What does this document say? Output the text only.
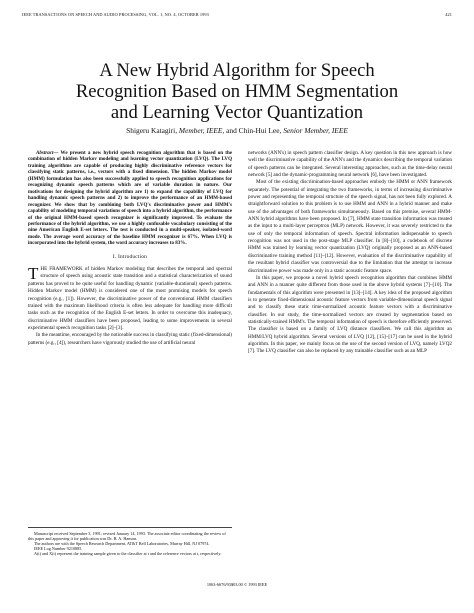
IEEE TRANSACTIONS ON SPEECH AND AUDIO PROCESSING, VOL. 1, NO. 4, OCTOBER 1993	421
A New Hybrid Algorithm for Speech
Recognition Based on HMM Segmentation
and Learning Vector Quantization
Shigeru Katagiri, Member, IEEE, and Chin-Hui Lee, Senior Member, IEEE

Abstract— We present a new hybrid speech recognition algorithm that is based on the combination of hidden Markov modeling and learning vector quantization (LVQ). The LVQ training algorithms are capable of producing highly discriminative reference vectors for classifying static patterns, i.e., vectors with a fixed dimension. The hidden Markov model (HMM) formulation has also been successfully applied to speech recognition applications for recognizing dynamic speech patterns which are of variable duration in nature. Our motivations for designing the hybrid algorithm are 1) to expand the capability of LVQ for handling dynamic speech patterns and 2) to improve the performance of an HMM-based recognizer. We show that by combining both LVQ's discriminative power and HMM's capability of modeling temporal variations of speech into a hybrid algorithm, the performance of the original HMM-based speech recognizer is significantly improved. To evaluate the performance of the hybrid algorithm, we use a highly confusable vocabulary consisting of the nine American English E-set letters. The test is conducted in a multi-speaker, isolated-word mode. The average word accuracy of the baseline HMM recognizer is 67%. When LVQ is incorporated into the hybrid system, the word accuracy increases to 83%.

I. Introduction

THE FRAMEWORK of hidden Markov modeling that describes the temporal and spectral structure of speech using acoustic state transition and a statistical characterization of sound patterns has proved to be quite useful for handling dynamic (variable-durational) speech patterns. Hidden Markov model (HMM) is considered one of the most promising models for speech recognition (e.g., [1]). However, the discriminative power of the conventional HMM classifiers trained with the maximum likelihood criteria is often less adequate for handling more difficult tasks such as the recognition of the English E-set letters. In order to overcome this inadequacy, discriminative HMM classifiers have been proposed, leading to some improvements in several experimental speech recognition tasks [2]–[3].

In the meantime, encouraged by the noticeable success in classifying static (fixed-dimensional) patterns (e.g., [4]), researchers have vigorously studied the use of artificial neural

Manuscript received September 3, 1991; revised January 14, 1993. The associate editor coordinating the review of this paper and approving it for publication was Dr. B. A. Hanson.

The authors are with the Speech Research Department, AT&T Bell Laboratories, Murray Hill, NJ 07974.

IEEE Log Number 9210885.

A(t) and X(t) represent the training sample given to the classifier at t and the reference vectors at t, respectively.

networks (ANN's) in speech pattern classifier design. A key question in this new approach is how well the discriminative capability of the ANN's and the dynamics describing the temporal variation of speech patterns can be integrated. Several interesting approaches, such as the time-delay neural network [5] and the dynamic-programming neural network [6], have been investigated.

Most of the existing discrimination-based approaches embody the HMM or ANN framework separately. The potential of integrating the two frameworks, in terms of increasing discriminative power and representing the temporal structure of the speech signal, has not been fully explored. A straightforward solution to this problem is to use HMM and ANN in a hybrid manner and make use of the advantages of both frameworks simultaneously. Based on this premise, several HMM-ANN hybrid algorithms have been proposed. In [7], HMM state transition information was treated as the input to a multi-layer perceptron (MLP) network. However, it was severely restricted to the use of only the temporal information of speech. Spectral information indispensable to speech recognition was not used in the post-stage MLP classifier. In [8]–[10], a codebook of discrete HMM was trained by learning vector quantization (LVQ) originally proposed as an ANN-based discriminative training method [11]–[12]. However, evaluation of the discriminative capability of the resultant hybrid classifier was controversial due to the limitation that the attempt to increase discriminative power was made only in a static acoustic feature space.

In this paper, we propose a novel hybrid speech recognition algorithm that combines HMM and ANN in a manner quite different from those used in the above hybrid systems [7]–[10]. The fundamentals of this algorithm were presented in [13]–[14]. A key idea of the proposed algorithm is to generate fixed-dimensional acoustic feature vectors from variable-dimensional speech signal and to classify these static time-normalized acoustic feature vectors with a discriminative classifier. In our study, the time-normalized vectors are created by segmentation based on statistically-trained HMM's. The temporal information of speech is therefore efficiently preserved. The classifier is based on a family of LVQ distance classifiers. We call this algorithm an HMM/LVQ hybrid algorithm. Several versions of LVQ [12], [15]–[17] can be used in the hybrid algorithm. In this paper, we mainly focus on the use of the second version of LVQ, namely LVQ2 [7]. The LVQ classifier can also be replaced by any trainable classifier such as an MLP

1063-6676/93$03.00 © 1993 IEEE
